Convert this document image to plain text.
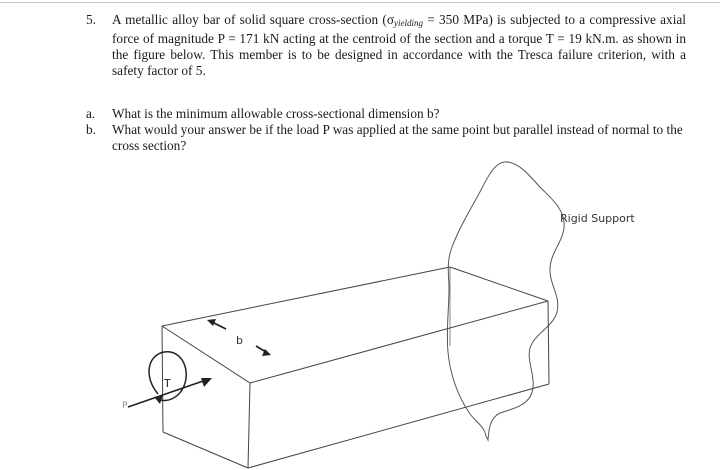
5.	A metallic alloy bar of solid square cross-section ($\sigma_{yielding} = 350$ MPa) is subjected to a compressive axial force of magnitude P = 171 kN acting at the centroid of the section and a torque T = 19 kN.m. as shown in the figure below. This member is to be designed in accordance with the Tresca failure criterion, with a safety factor of 5.
a.	What is the minimum allowable cross-sectional dimension b?
b.	What would your answer be if the load P was applied at the same point but parallel instead of normal to the cross section?
Rigid Support
b
P
T
